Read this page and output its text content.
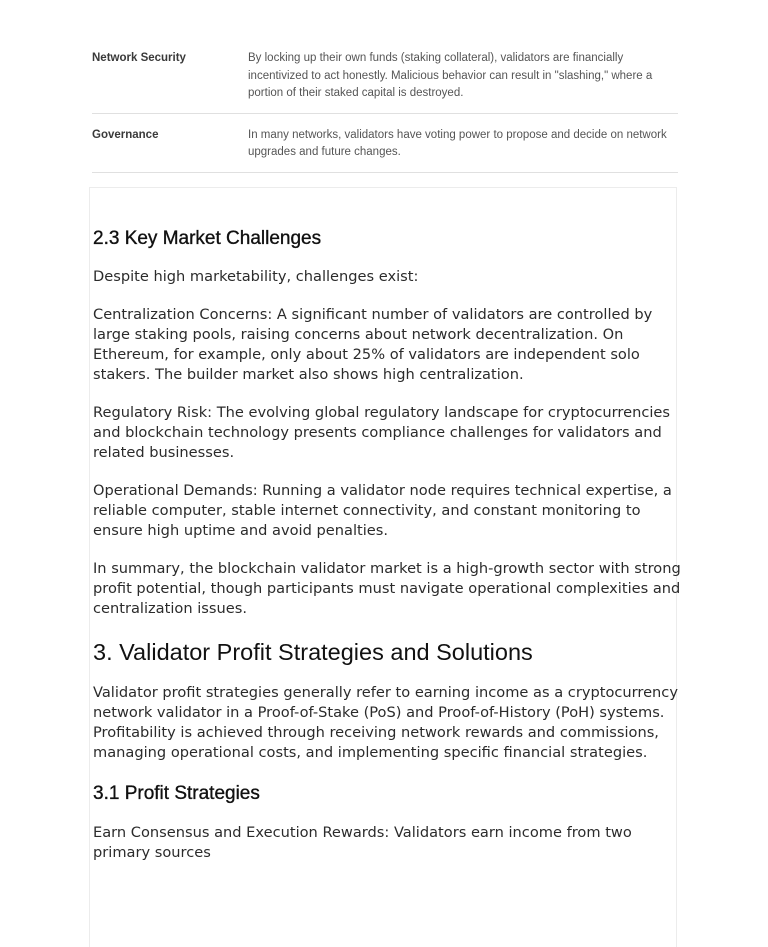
Network Security	By locking up their own funds (staking collateral), validators are financially incentivized to act honestly. Malicious behavior can result in "slashing," where a portion of their staked capital is destroyed.
Governance	In many networks, validators have voting power to propose and decide on network upgrades and future changes.
2.3 Key Market Challenges

Despite high marketability, challenges exist:

Centralization Concerns: A significant number of validators are controlled by large staking pools, raising concerns about network decentralization. On Ethereum, for example, only about 25% of validators are independent solo stakers. The builder market also shows high centralization.

Regulatory Risk: The evolving global regulatory landscape for cryptocurrencies and blockchain technology presents compliance challenges for validators and related businesses.

Operational Demands: Running a validator node requires technical expertise, a reliable computer, stable internet connectivity, and constant monitoring to ensure high uptime and avoid penalties.

In summary, the blockchain validator market is a high-growth sector with strong profit potential, though participants must navigate operational complexities and centralization issues.

3. Validator Profit Strategies and Solutions

Validator profit strategies generally refer to earning income as a cryptocurrency network validator in a Proof-of-Stake (PoS) and Proof-of-History (PoH) systems. Profitability is achieved through receiving network rewards and commissions, managing operational costs, and implementing specific financial strategies.

3.1 Profit Strategies

Earn Consensus and Execution Rewards: Validators earn income from two primary sources
